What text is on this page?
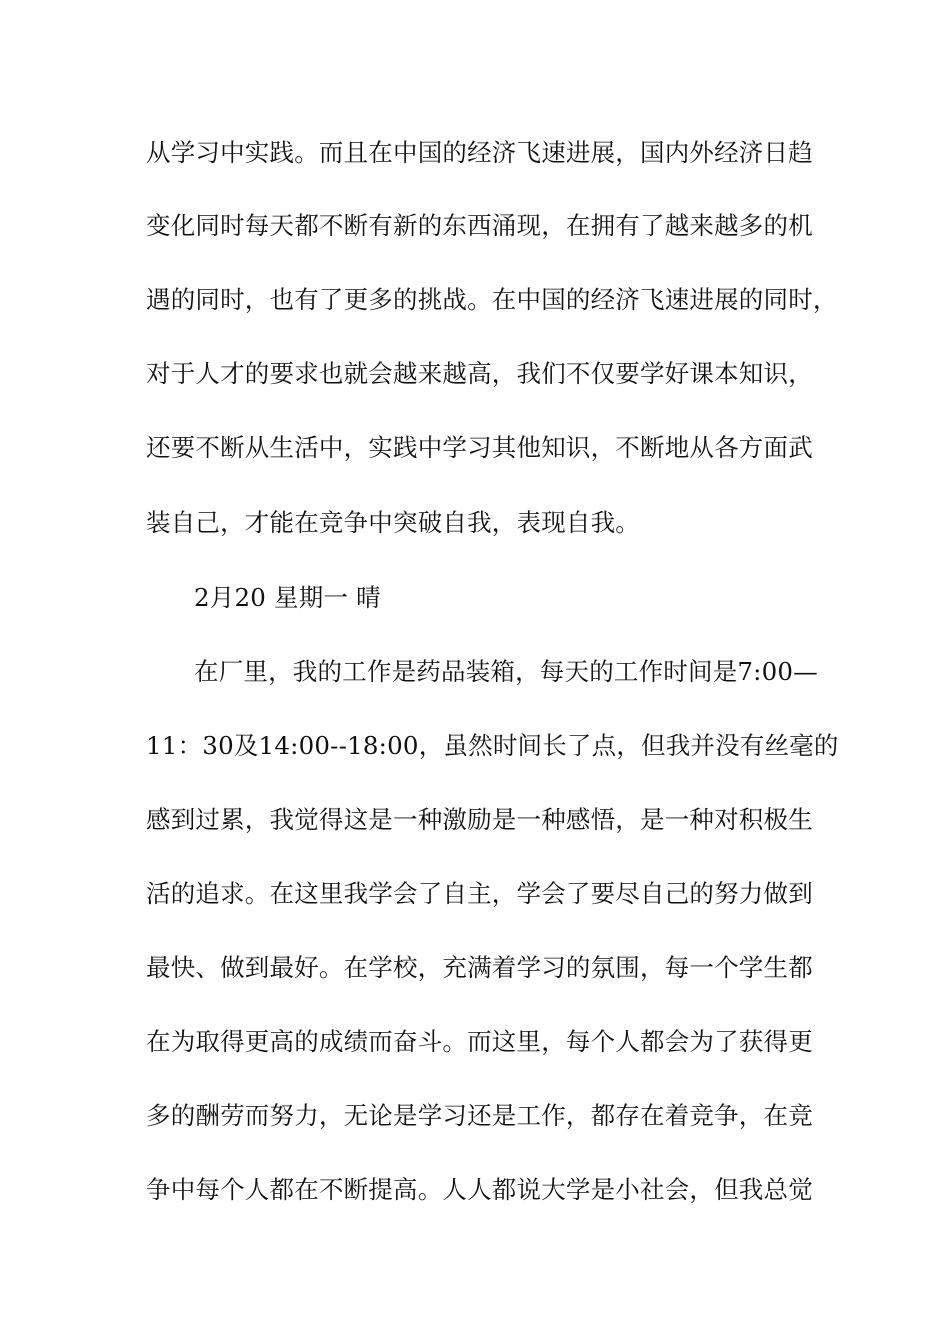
从学习中实践。而且在中国的经济飞速进展，国内外经济日趋
变化同时每天都不断有新的东西涌现，在拥有了越来越多的机
遇的同时，也有了更多的挑战。在中国的经济飞速进展的同时，
对于人才的要求也就会越来越高，我们不仅要学好课本知识，
还要不断从生活中，实践中学习其他知识，不断地从各方面武
装自己，才能在竞争中突破自我，表现自我。
2月20 星期一 晴
在厂里，我的工作是药品装箱，每天的工作时间是7:00—
11：30及14:00--18:00，虽然时间长了点，但我并没有丝毫的
感到过累，我觉得这是一种激励是一种感悟，是一种对积极生
活的追求。在这里我学会了自主，学会了要尽自己的努力做到
最快、做到最好。在学校，充满着学习的氛围，每一个学生都
在为取得更高的成绩而奋斗。而这里，每个人都会为了获得更
多的酬劳而努力，无论是学习还是工作，都存在着竞争，在竞
争中每个人都在不断提高。人人都说大学是小社会，但我总觉
